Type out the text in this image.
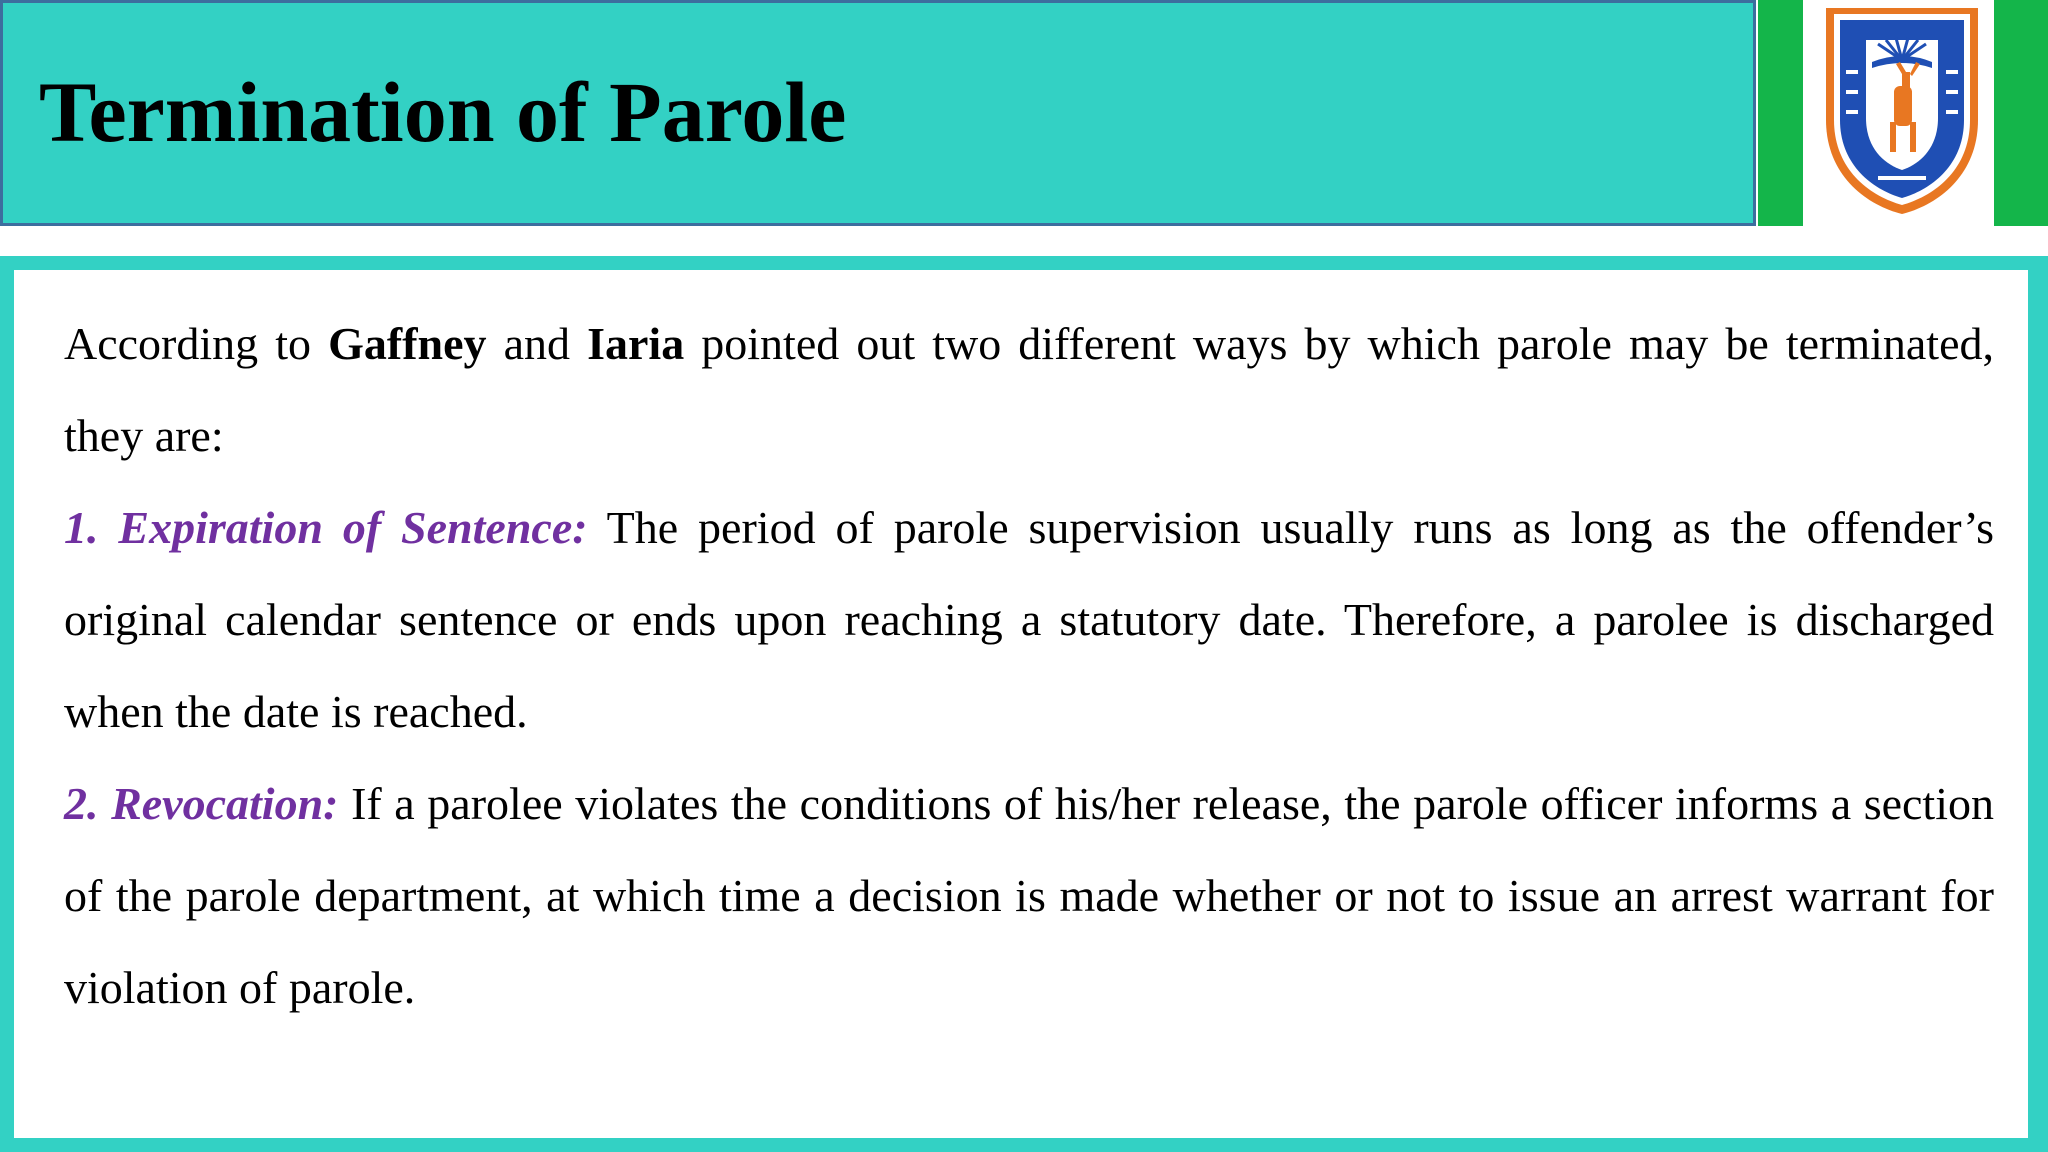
Termination of Parole

According to Gaffney and Iaria pointed out two different ways by which parole may be terminated, they are:

1. Expiration of Sentence: The period of parole supervision usually runs as long as the offender’s original calendar sentence or ends upon reaching a statutory date. Therefore, a parolee is discharged when the date is reached.

2. Revocation: If a parolee violates the conditions of his/her release, the parole officer informs a section of the parole department, at which time a decision is made whether or not to issue an arrest warrant for violation of parole.
